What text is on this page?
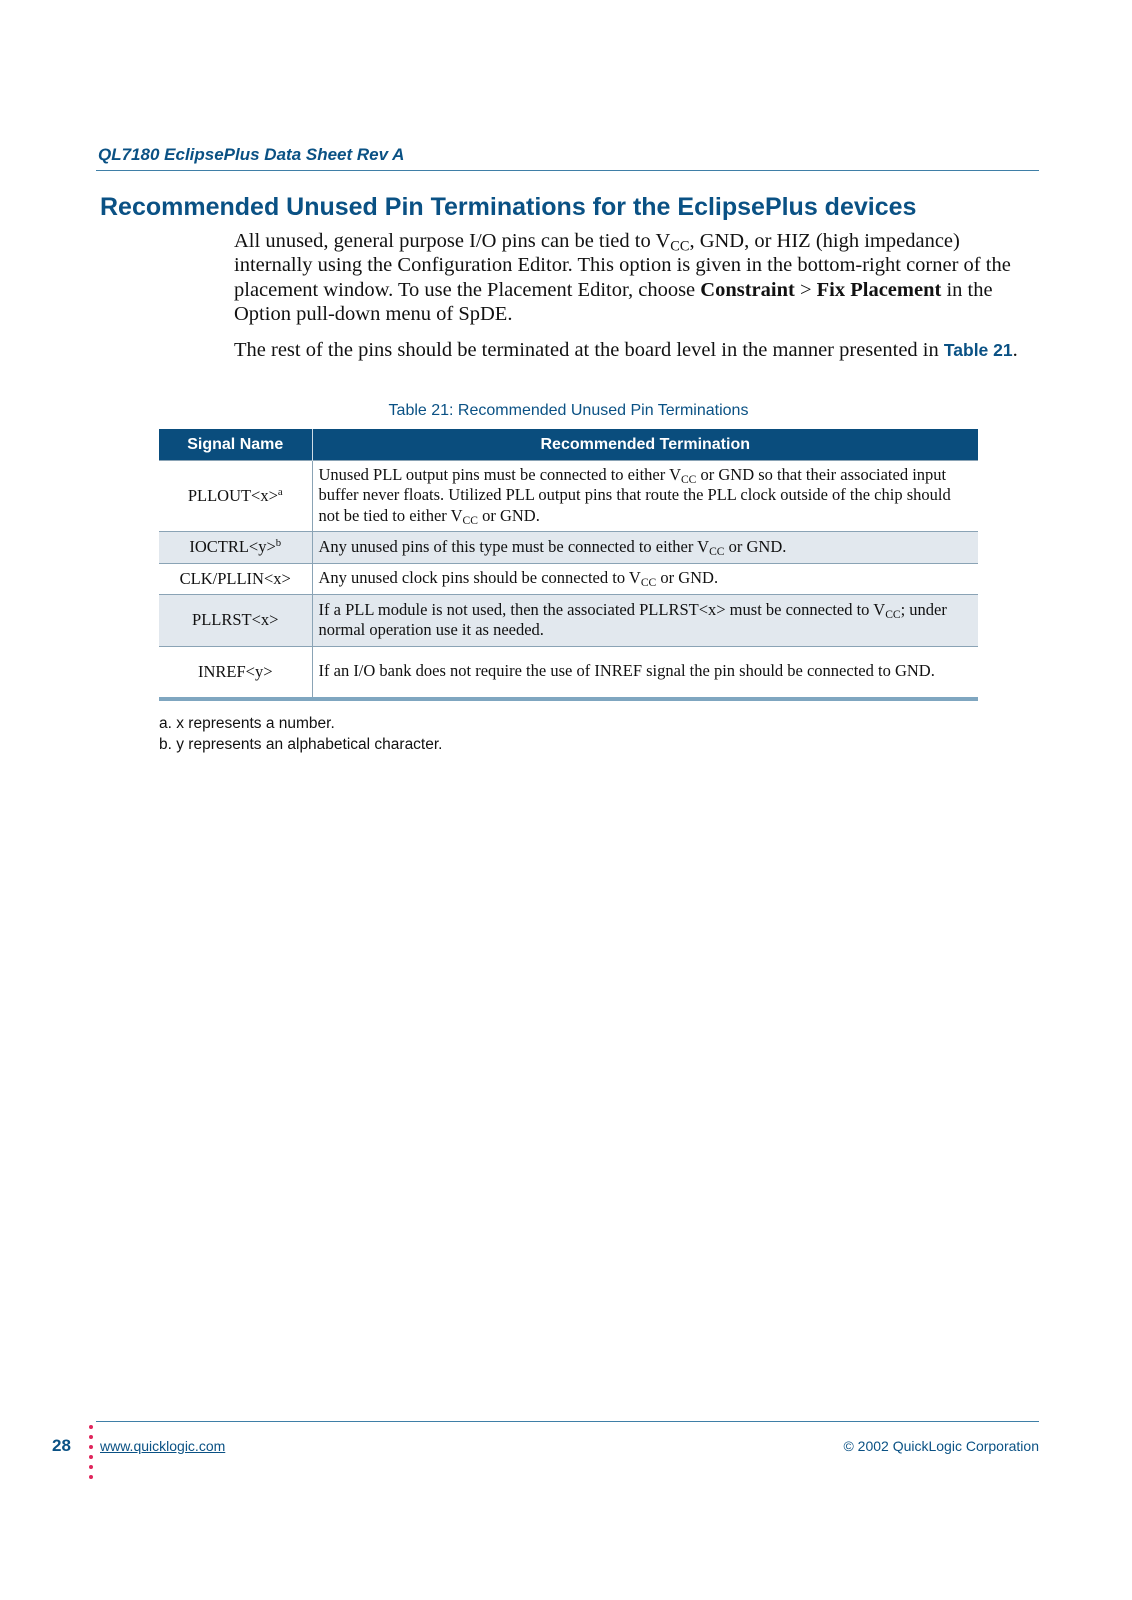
QL7180 EclipsePlus Data Sheet Rev A
Recommended Unused Pin Terminations for the EclipsePlus devices

All unused, general purpose I/O pins can be tied to $V_{CC}$, GND, or HIZ (high impedance) internally using the Configuration Editor. This option is given in the bottom-right corner of the placement window. To use the Placement Editor, choose Constraint > Fix Placement in the Option pull-down menu of SpDE.

The rest of the pins should be terminated at the board level in the manner presented in Table 21.

Table 21: Recommended Unused Pin Terminations
Signal Name	Recommended Termination
PLLOUT<x>$^a$	Unused PLL output pins must be connected to either $V_{CC}$ or GND so that their associated input buffer never floats. Utilized PLL output pins that route the PLL clock outside of the chip should not be tied to either $V_{CC}$ or GND.
IOCTRL<y>$^b$	Any unused pins of this type must be connected to either $V_{CC}$ or GND.
CLK/PLLIN<x>	Any unused clock pins should be connected to $V_{CC}$ or GND.
PLLRST<x>	If a PLL module is not used, then the associated PLLRST<x> must be connected to $V_{CC}$; under normal operation use it as needed.
INREF<y>	If an I/O bank does not require the use of INREF signal the pin should be connected to GND.
a. x represents a number.
b. y represents an alphabetical character.
28 www.quicklogic.com	© 2002 QuickLogic Corporation
